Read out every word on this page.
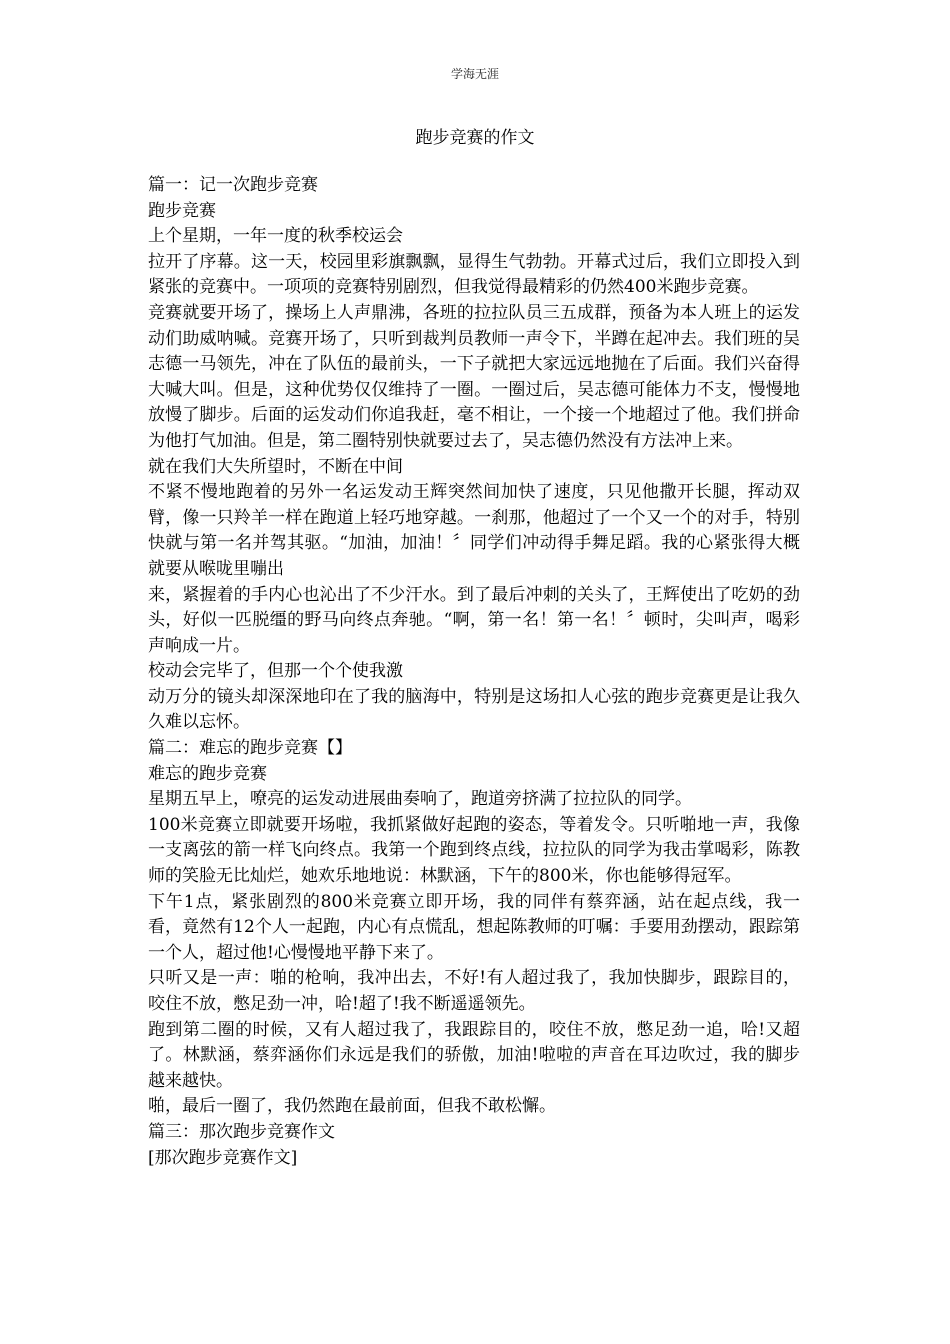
学海无涯
跑步竞赛的作文

篇一：记一次跑步竞赛

跑步竞赛

上个星期，一年一度的秋季校运会

拉开了序幕。这一天，校园里彩旗飘飘，显得生气勃勃。开幕式过后，我们立即投入到紧张的竞赛中。一项项的竞赛特别剧烈，但我觉得最精彩的仍然400米跑步竞赛。

竞赛就要开场了，操场上人声鼎沸，各班的拉拉队员三五成群，预备为本人班上的运发动们助威呐喊。竞赛开场了，只听到裁判员教师一声令下，半蹲在起冲去。我们班的吴志德一马领先，冲在了队伍的最前头，一下子就把大家远远地抛在了后面。我们兴奋得大喊大叫。但是，这种优势仅仅维持了一圈。一圈过后，吴志德可能体力不支，慢慢地放慢了脚步。后面的运发动们你追我赶，毫不相让，一个接一个地超过了他。我们拼命为他打气加油。但是，第二圈特别快就要过去了，吴志德仍然没有方法冲上来。

就在我们大失所望时，不断在中间

不紧不慢地跑着的另外一名运发动王辉突然间加快了速度，只见他撒开长腿，挥动双臂，像一只羚羊一样在跑道上轻巧地穿越。一刹那，他超过了一个又一个的对手，特别快就与第一名并驾其驱。“加油，加油！〞同学们冲动得手舞足蹈。我的心紧张得大概就要从喉咙里嘣出

来，紧握着的手内心也沁出了不少汗水。到了最后冲刺的关头了，王辉使出了吃奶的劲头，好似一匹脱缰的野马向终点奔驰。“啊，第一名！第一名！〞顿时，尖叫声，喝彩声响成一片。

校动会完毕了，但那一个个使我激

动万分的镜头却深深地印在了我的脑海中，特别是这场扣人心弦的跑步竞赛更是让我久久难以忘怀。

篇二：难忘的跑步竞赛【】

难忘的跑步竞赛

星期五早上，嘹亮的运发动进展曲奏响了，跑道旁挤满了拉拉队的同学。

100米竞赛立即就要开场啦，我抓紧做好起跑的姿态，等着发令。只听啪地一声，我像一支离弦的箭一样飞向终点。我第一个跑到终点线，拉拉队的同学为我击掌喝彩，陈教师的笑脸无比灿烂，她欢乐地地说：林默涵，下午的800米，你也能够得冠军。

下午1点，紧张剧烈的800米竞赛立即开场，我的同伴有蔡弈涵，站在起点线，我一看，竟然有12个人一起跑，内心有点慌乱，想起陈教师的叮嘱：手要用劲摆动，跟踪第一个人，超过他!心慢慢地平静下来了。

只听又是一声：啪的枪响，我冲出去，不好!有人超过我了，我加快脚步，跟踪目的，咬住不放，憋足劲一冲，哈!超了!我不断遥遥领先。

跑到第二圈的时候，又有人超过我了，我跟踪目的，咬住不放，憋足劲一追，哈!又超了。林默涵，蔡弈涵你们永远是我们的骄傲，加油!啦啦的声音在耳边吹过，我的脚步越来越快。

啪，最后一圈了，我仍然跑在最前面，但我不敢松懈。

篇三：那次跑步竞赛作文

[那次跑步竞赛作文]
